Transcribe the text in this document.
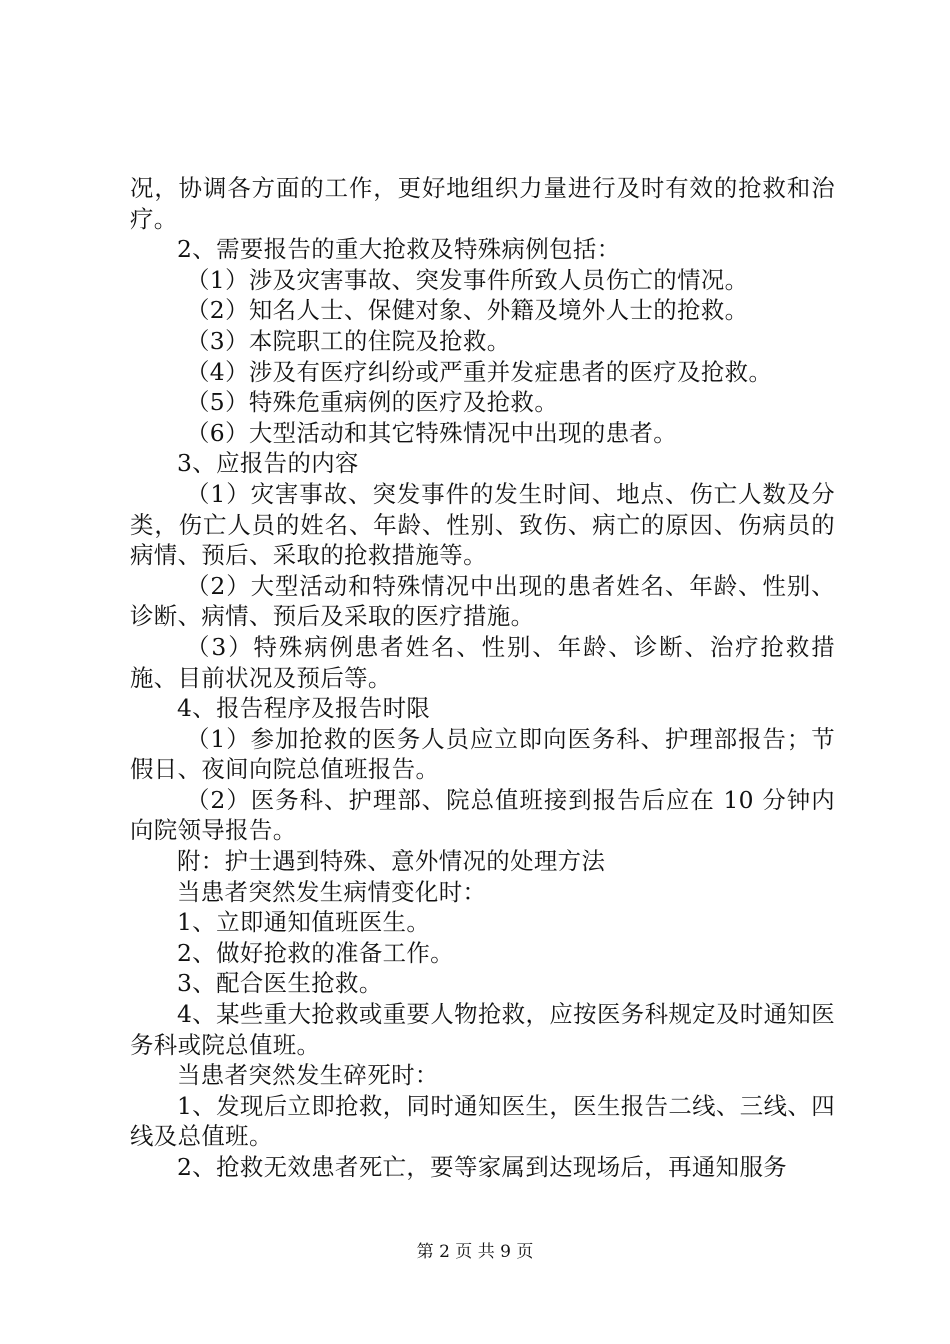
况，协调各方面的工作，更好地组织力量进行及时有效的抢救和治疗。

2、需要报告的重大抢救及特殊病例包括：

（1）涉及灾害事故、突发事件所致人员伤亡的情况。

（2）知名人士、保健对象、外籍及境外人士的抢救。

（3）本院职工的住院及抢救。

（4）涉及有医疗纠纷或严重并发症患者的医疗及抢救。

（5）特殊危重病例的医疗及抢救。

（6）大型活动和其它特殊情况中出现的患者。

3、应报告的内容

（1）灾害事故、突发事件的发生时间、地点、伤亡人数及分类，伤亡人员的姓名、年龄、性别、致伤、病亡的原因、伤病员的病情、预后、采取的抢救措施等。

（2）大型活动和特殊情况中出现的患者姓名、年龄、性别、诊断、病情、预后及采取的医疗措施。

（3）特殊病例患者姓名、性别、年龄、诊断、治疗抢救措施、目前状况及预后等。

4、报告程序及报告时限

（1）参加抢救的医务人员应立即向医务科、护理部报告；节假日、夜间向院总值班报告。

（2）医务科、护理部、院总值班接到报告后应在 10 分钟内向院领导报告。

附：护士遇到特殊、意外情况的处理方法

当患者突然发生病情变化时：

1、立即通知值班医生。

2、做好抢救的准备工作。

3、配合医生抢救。

4、某些重大抢救或重要人物抢救，应按医务科规定及时通知医务科或院总值班。

当患者突然发生碎死时：

1、发现后立即抢救，同时通知医生，医生报告二线、三线、四线及总值班。

2、抢救无效患者死亡，要等家属到达现场后，再通知服务

第 2 页 共 9 页
